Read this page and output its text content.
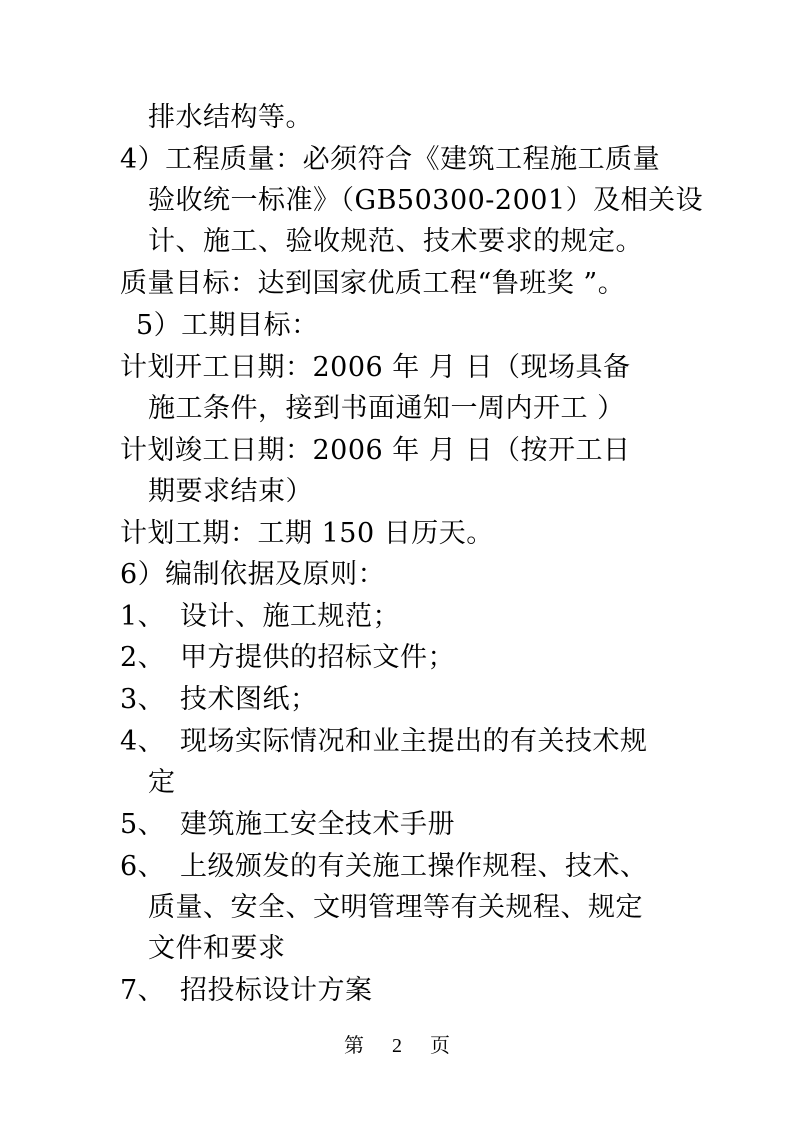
排水结构等。
4）工程质量：必须符合《建筑工程施工质量
验收统一标准》（GB50300-2001）及相关设
计、施工、验收规范、技术要求的规定。
质量目标：达到国家优质工程“鲁班奖 ”。
5）工期目标：
计划开工日期：2006 年 月 日（现场具备
施工条件，接到书面通知一周内开工 ）
计划竣工日期：2006 年 月 日（按开工日
期要求结束）
计划工期：工期 150 日历天。
6）编制依据及原则：
1、 设计、施工规范；
2、 甲方提供的招标文件；
3、 技术图纸；
4、 现场实际情况和业主提出的有关技术规
定
5、 建筑施工安全技术手册
6、 上级颁发的有关施工操作规程、技术、
质量、安全、文明管理等有关规程、规定
文件和要求
7、 招投标设计方案
第 2 页
